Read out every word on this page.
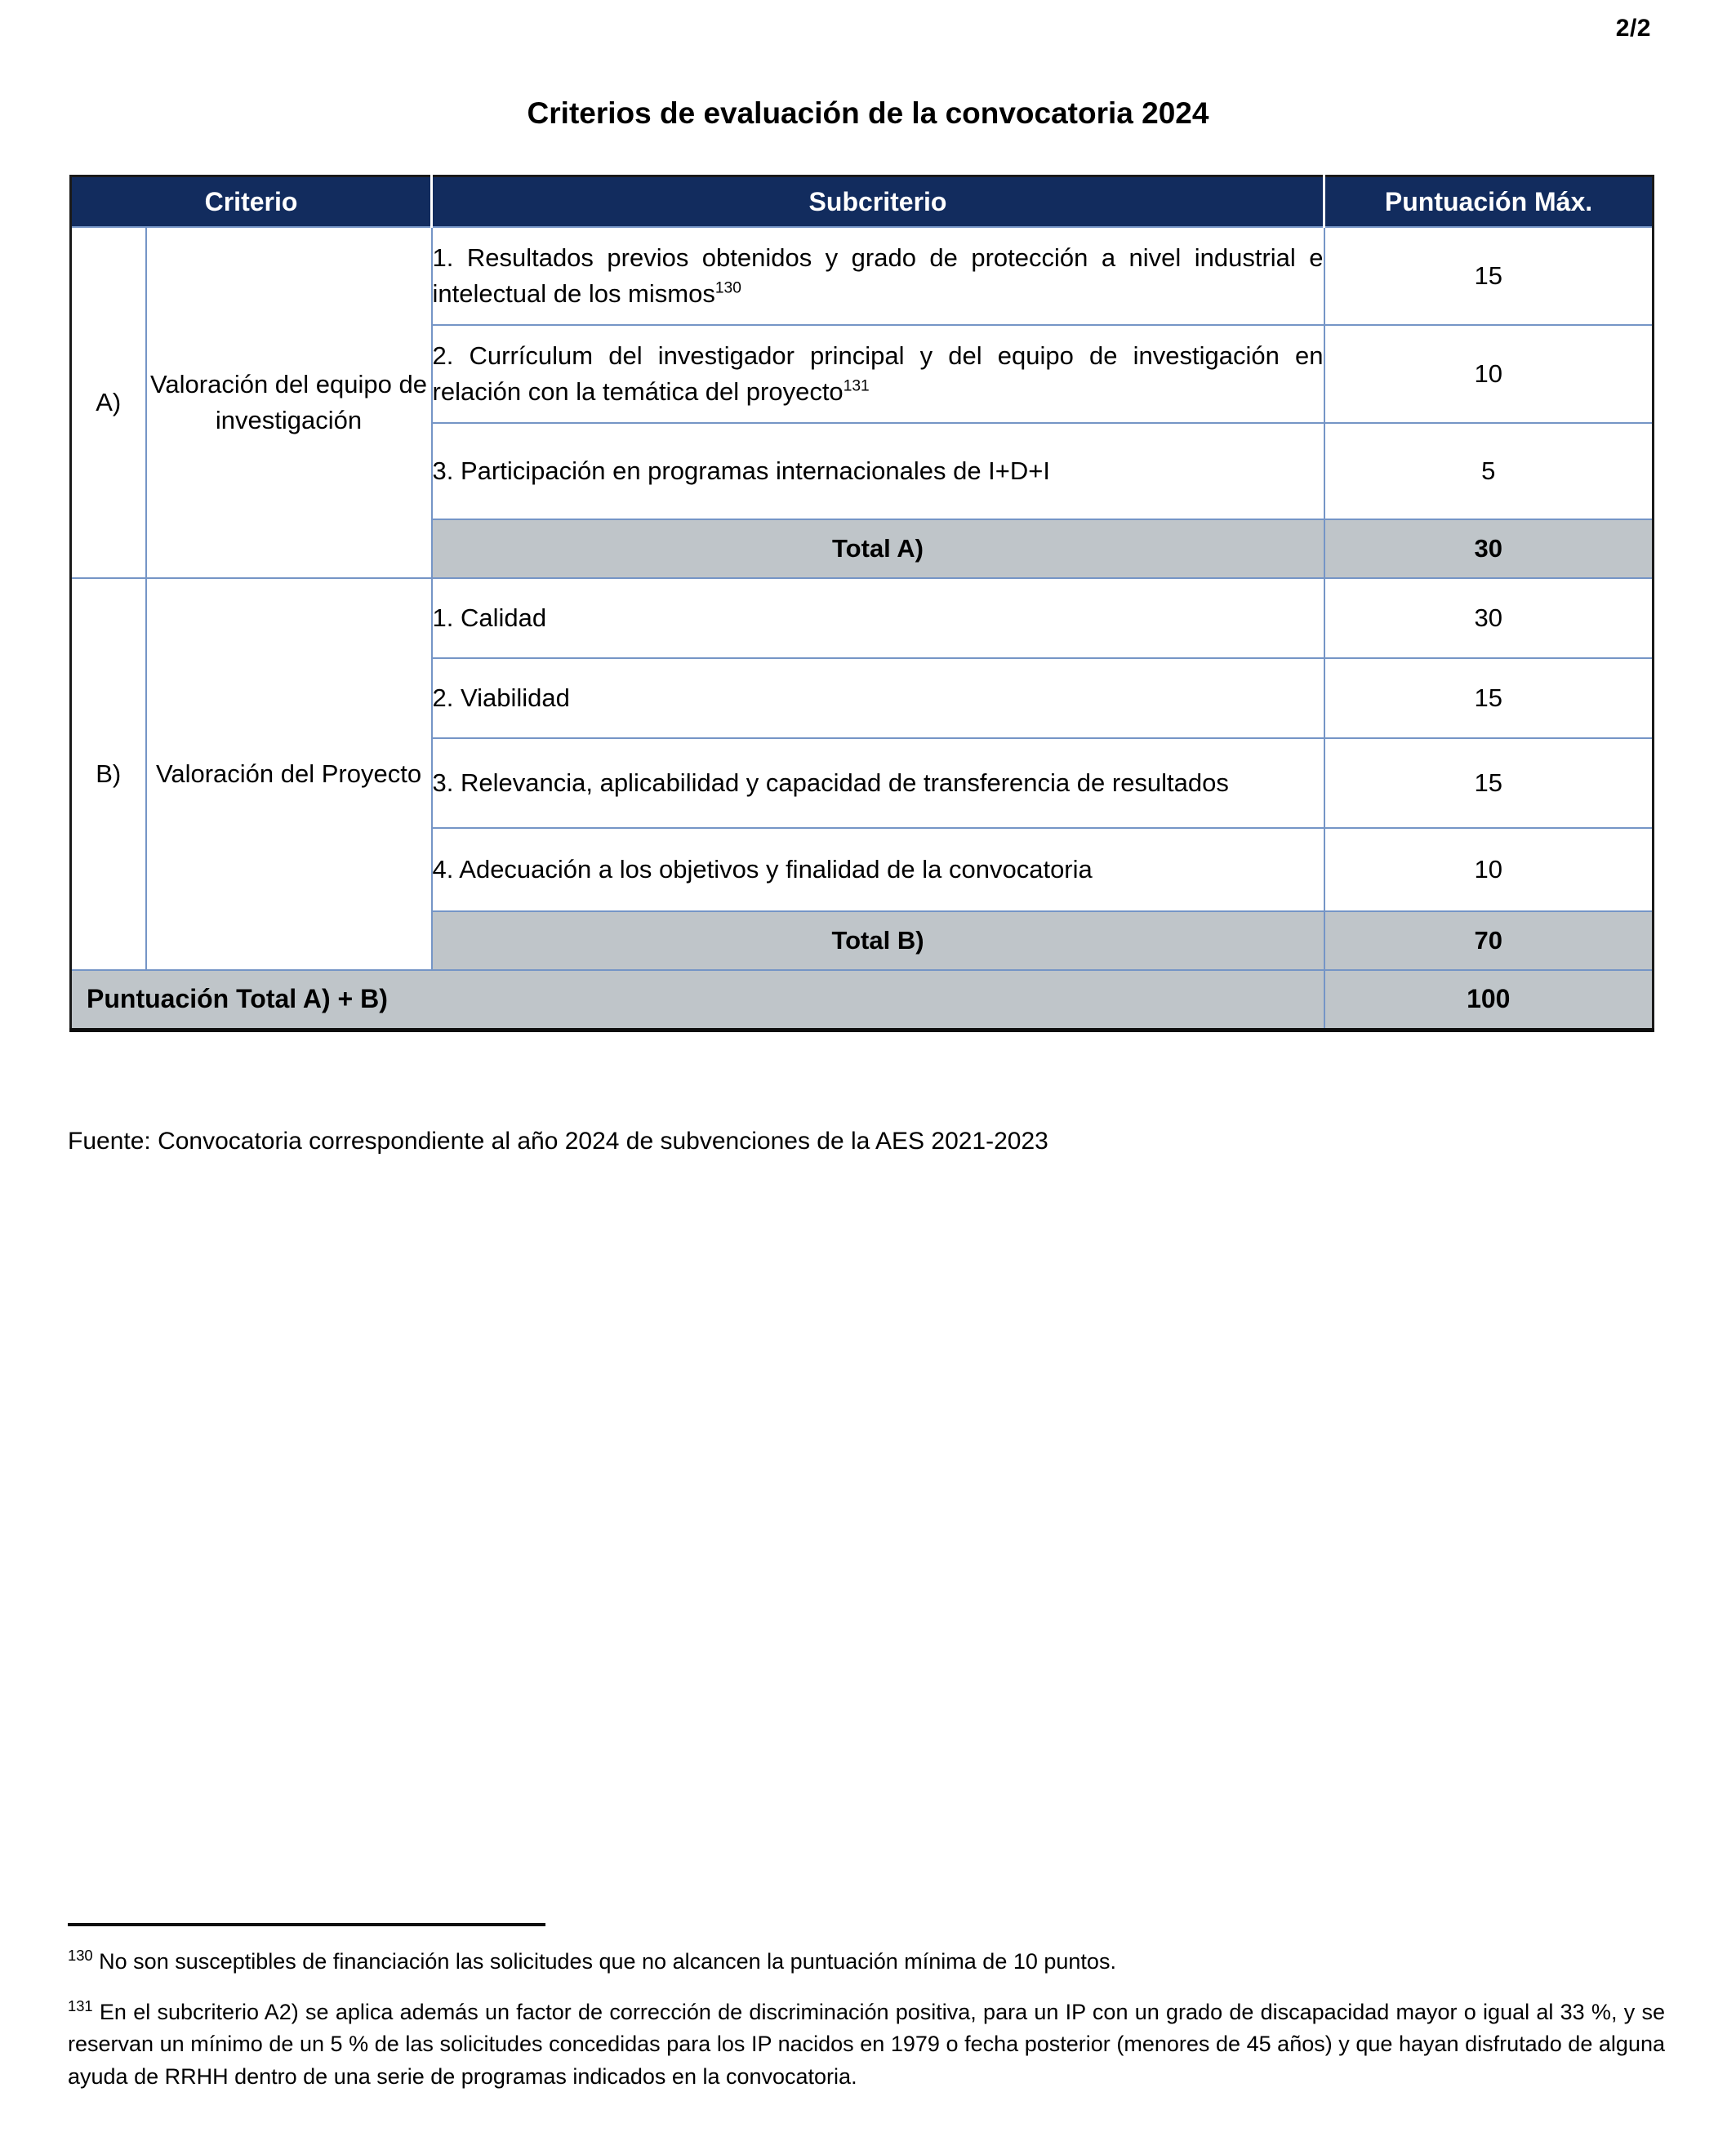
2/2
Criterios de evaluación de la convocatoria 2024
Criterio		Subcriterio	Puntuación Máx.
A)	Valoración del equipo de investigación	1. Resultados previos obtenidos y grado de protección a nivel industrial e intelectual de los mismos$^{130}$	15
		2. Currículum del investigador principal y del equipo de investigación en relación con la temática del proyecto$^{131}$	10
		3. Participación en programas internacionales de I+D+I	5
		Total A)	30
B)	Valoración del Proyecto	1. Calidad	30
		2. Viabilidad	15
		3. Relevancia, aplicabilidad y capacidad de transferencia de resultados	15
		4. Adecuación a los objetivos y finalidad de la convocatoria	10
		Total B)	70
Puntuación Total A) + B)			100
Fuente: Convocatoria correspondiente al año 2024 de subvenciones de la AES 2021-2023
$^{130}$ No son susceptibles de financiación las solicitudes que no alcancen la puntuación mínima de 10 puntos.
$^{131}$ En el subcriterio A2) se aplica además un factor de corrección de discriminación positiva, para un IP con un grado de discapacidad mayor o igual al 33 %, y se reservan un mínimo de un 5 % de las solicitudes concedidas para los IP nacidos en 1979 o fecha posterior (menores de 45 años) y que hayan disfrutado de alguna ayuda de RRHH dentro de una serie de programas indicados en la convocatoria.
